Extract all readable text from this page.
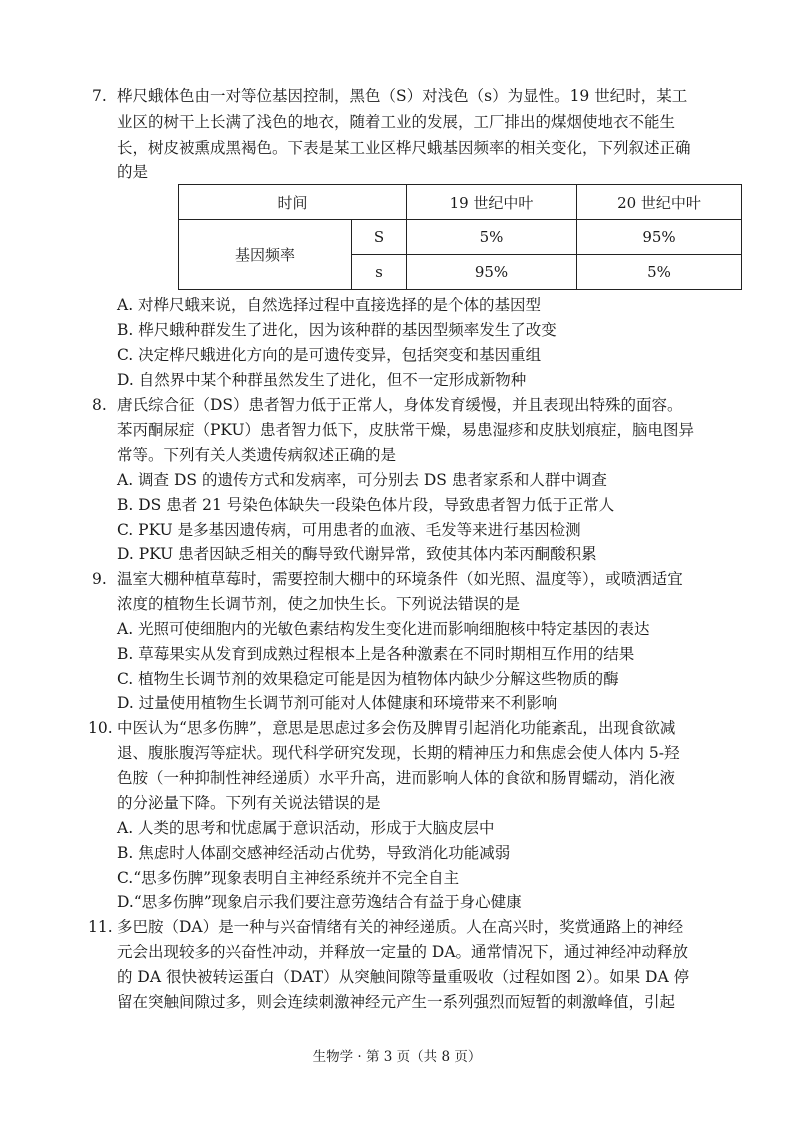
7. 桦尺蛾体色由一对等位基因控制，黑色（S）对浅色（s）为显性。19 世纪时，某工
业区的树干上长满了浅色的地衣，随着工业的发展，工厂排出的煤烟使地衣不能生
长，树皮被熏成黑褐色。下表是某工业区桦尺蛾基因频率的相关变化，下列叙述正确
的是
时间		19 世纪中叶	20 世纪中叶
基因频率	S	5%	95%
	s	95%	5%
A. 对桦尺蛾来说，自然选择过程中直接选择的是个体的基因型
B. 桦尺蛾种群发生了进化，因为该种群的基因型频率发生了改变
C. 决定桦尺蛾进化方向的是可遗传变异，包括突变和基因重组
D. 自然界中某个种群虽然发生了进化，但不一定形成新物种
8. 唐氏综合征（DS）患者智力低于正常人，身体发育缓慢，并且表现出特殊的面容。
苯丙酮尿症（PKU）患者智力低下，皮肤常干燥，易患湿疹和皮肤划痕症，脑电图异
常等。下列有关人类遗传病叙述正确的是
A. 调查 DS 的遗传方式和发病率，可分别去 DS 患者家系和人群中调查
B. DS 患者 21 号染色体缺失一段染色体片段，导致患者智力低于正常人
C. PKU 是多基因遗传病，可用患者的血液、毛发等来进行基因检测
D. PKU 患者因缺乏相关的酶导致代谢异常，致使其体内苯丙酮酸积累
9. 温室大棚种植草莓时，需要控制大棚中的环境条件（如光照、温度等），或喷洒适宜
浓度的植物生长调节剂，使之加快生长。下列说法错误的是
A. 光照可使细胞内的光敏色素结构发生变化进而影响细胞核中特定基因的表达
B. 草莓果实从发育到成熟过程根本上是各种激素在不同时期相互作用的结果
C. 植物生长调节剂的效果稳定可能是因为植物体内缺少分解这些物质的酶
D. 过量使用植物生长调节剂可能对人体健康和环境带来不利影响
10. 中医认为“思多伤脾”，意思是思虑过多会伤及脾胃引起消化功能紊乱，出现食欲减
退、腹胀腹泻等症状。现代科学研究发现，长期的精神压力和焦虑会使人体内 5-羟
色胺（一种抑制性神经递质）水平升高，进而影响人体的食欲和肠胃蠕动，消化液
的分泌量下降。下列有关说法错误的是
A. 人类的思考和忧虑属于意识活动，形成于大脑皮层中
B. 焦虑时人体副交感神经活动占优势，导致消化功能减弱
C.“思多伤脾”现象表明自主神经系统并不完全自主
D.“思多伤脾”现象启示我们要注意劳逸结合有益于身心健康
11. 多巴胺（DA）是一种与兴奋情绪有关的神经递质。人在高兴时，奖赏通路上的神经
元会出现较多的兴奋性冲动，并释放一定量的 DA。通常情况下，通过神经冲动释放
的 DA 很快被转运蛋白（DAT）从突触间隙等量重吸收（过程如图 2）。如果 DA 停
留在突触间隙过多，则会连续刺激神经元产生一系列强烈而短暂的刺激峰值，引起
生物学 · 第 3 页（共 8 页）
